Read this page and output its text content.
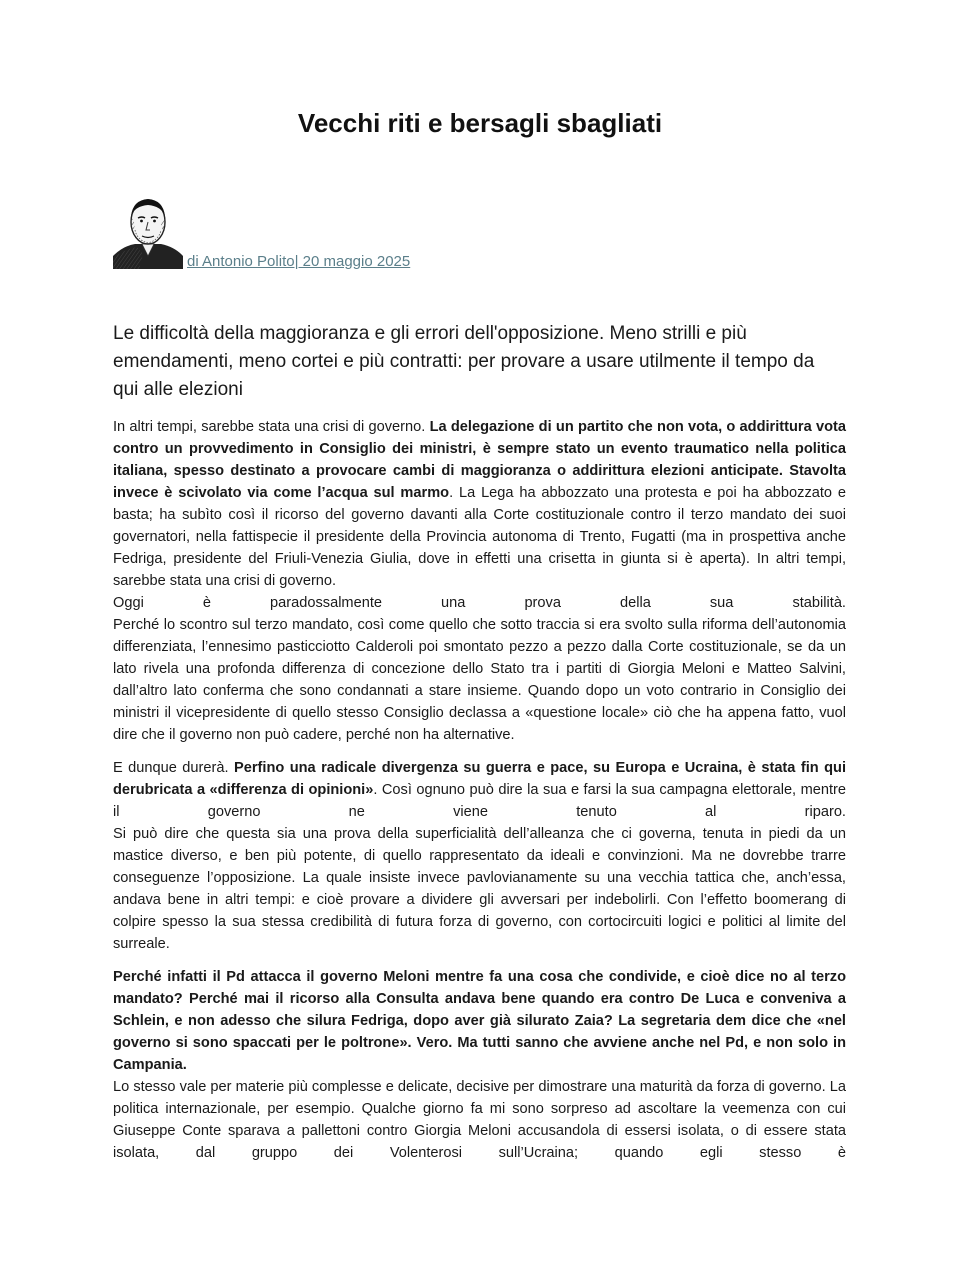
Vecchi riti e bersagli sbagliati
di Antonio Polito| 20 maggio 2025

Le difficoltà della maggioranza e gli errori dell'opposizione. Meno strilli e più emendamenti, meno cortei e più contratti: per provare a usare utilmente il tempo da qui alle elezioni

In altri tempi, sarebbe stata una crisi di governo. La delegazione di un partito che non vota, o addirittura vota contro un provvedimento in Consiglio dei ministri, è sempre stato un evento traumatico nella politica italiana, spesso destinato a provocare cambi di maggioranza o addirittura elezioni anticipate. Stavolta invece è scivolato via come l’acqua sul marmo. La Lega ha abbozzato una protesta e poi ha abbozzato e basta; ha subìto così il ricorso del governo davanti alla Corte costituzionale contro il terzo mandato dei suoi governatori, nella fattispecie il presidente della Provincia autonoma di Trento, Fugatti (ma in prospettiva anche Fedriga, presidente del Friuli-Venezia Giulia, dove in effetti una crisetta in giunta si è aperta). In altri tempi, sarebbe stata una crisi di governo.
Oggi è paradossalmente una prova della sua stabilità.
Perché lo scontro sul terzo mandato, così come quello che sotto traccia si era svolto sulla riforma dell’autonomia differenziata, l’ennesimo pasticciotto Calderoli poi smontato pezzo a pezzo dalla Corte costituzionale, se da un lato rivela una profonda differenza di concezione dello Stato tra i partiti di Giorgia Meloni e Matteo Salvini, dall’altro lato conferma che sono condannati a stare insieme. Quando dopo un voto contrario in Consiglio dei ministri il vicepresidente di quello stesso Consiglio declassa a «questione locale» ciò che ha appena fatto, vuol dire che il governo non può cadere, perché non ha alternative.

E dunque durerà. Perfino una radicale divergenza su guerra e pace, su Europa e Ucraina, è stata fin qui derubricata a «differenza di opinioni». Così ognuno può dire la sua e farsi la sua campagna elettorale, mentre il governo ne viene tenuto al riparo.
Si può dire che questa sia una prova della superficialità dell’alleanza che ci governa, tenuta in piedi da un mastice diverso, e ben più potente, di quello rappresentato da ideali e convinzioni. Ma ne dovrebbe trarre conseguenze l’opposizione. La quale insiste invece pavlovianamente su una vecchia tattica che, anch’essa, andava bene in altri tempi: e cioè provare a dividere gli avversari per indebolirli. Con l’effetto boomerang di colpire spesso la sua stessa credibilità di futura forza di governo, con cortocircuiti logici e politici al limite del surreale.

Perché infatti il Pd attacca il governo Meloni mentre fa una cosa che condivide, e cioè dice no al terzo mandato? Perché mai il ricorso alla Consulta andava bene quando era contro De Luca e conveniva a Schlein, e non adesso che silura Fedriga, dopo aver già silurato Zaia? La segretaria dem dice che «nel governo si sono spaccati per le poltrone». Vero. Ma tutti sanno che avviene anche nel Pd, e non solo in Campania.
Lo stesso vale per materie più complesse e delicate, decisive per dimostrare una maturità da forza di governo. La politica internazionale, per esempio. Qualche giorno fa mi sono sorpreso ad ascoltare la veemenza con cui Giuseppe Conte sparava a pallettoni contro Giorgia Meloni accusandola di essersi isolata, o di essere stata isolata, dal gruppo dei Volenterosi sull’Ucraina; quando egli stesso è
